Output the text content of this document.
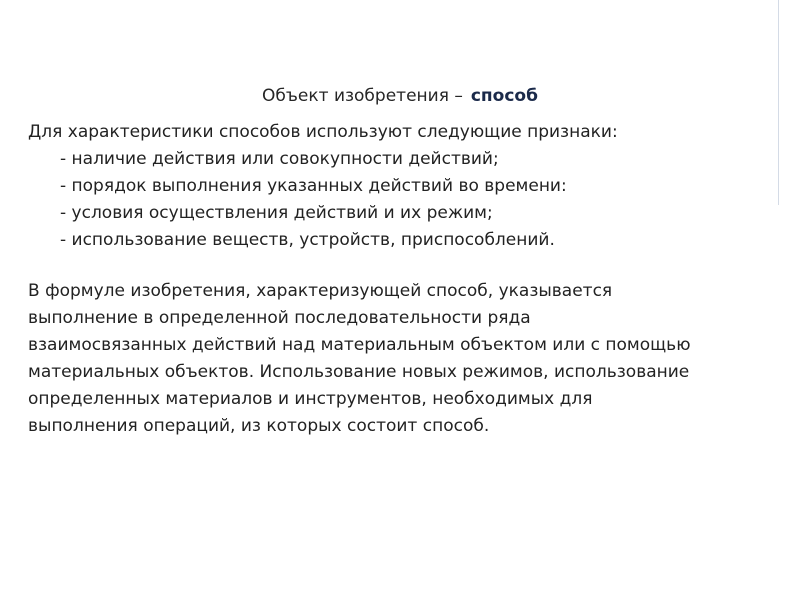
Объект изобретения – способ
Для характеристики способов используют следующие признаки:
- наличие действия или совокупности действий;
- порядок выполнения указанных действий во времени:
- условия осуществления действий и их режим;
- использование веществ, устройств, приспособлений.
В формуле изобретения, характеризующей способ, указывается
выполнение в определенной последовательности ряда
взаимосвязанных действий над материальным объектом или с помощью
материальных объектов. Использование новых режимов, использование
определенных материалов и инструментов, необходимых для
выполнения операций, из которых состоит способ.
